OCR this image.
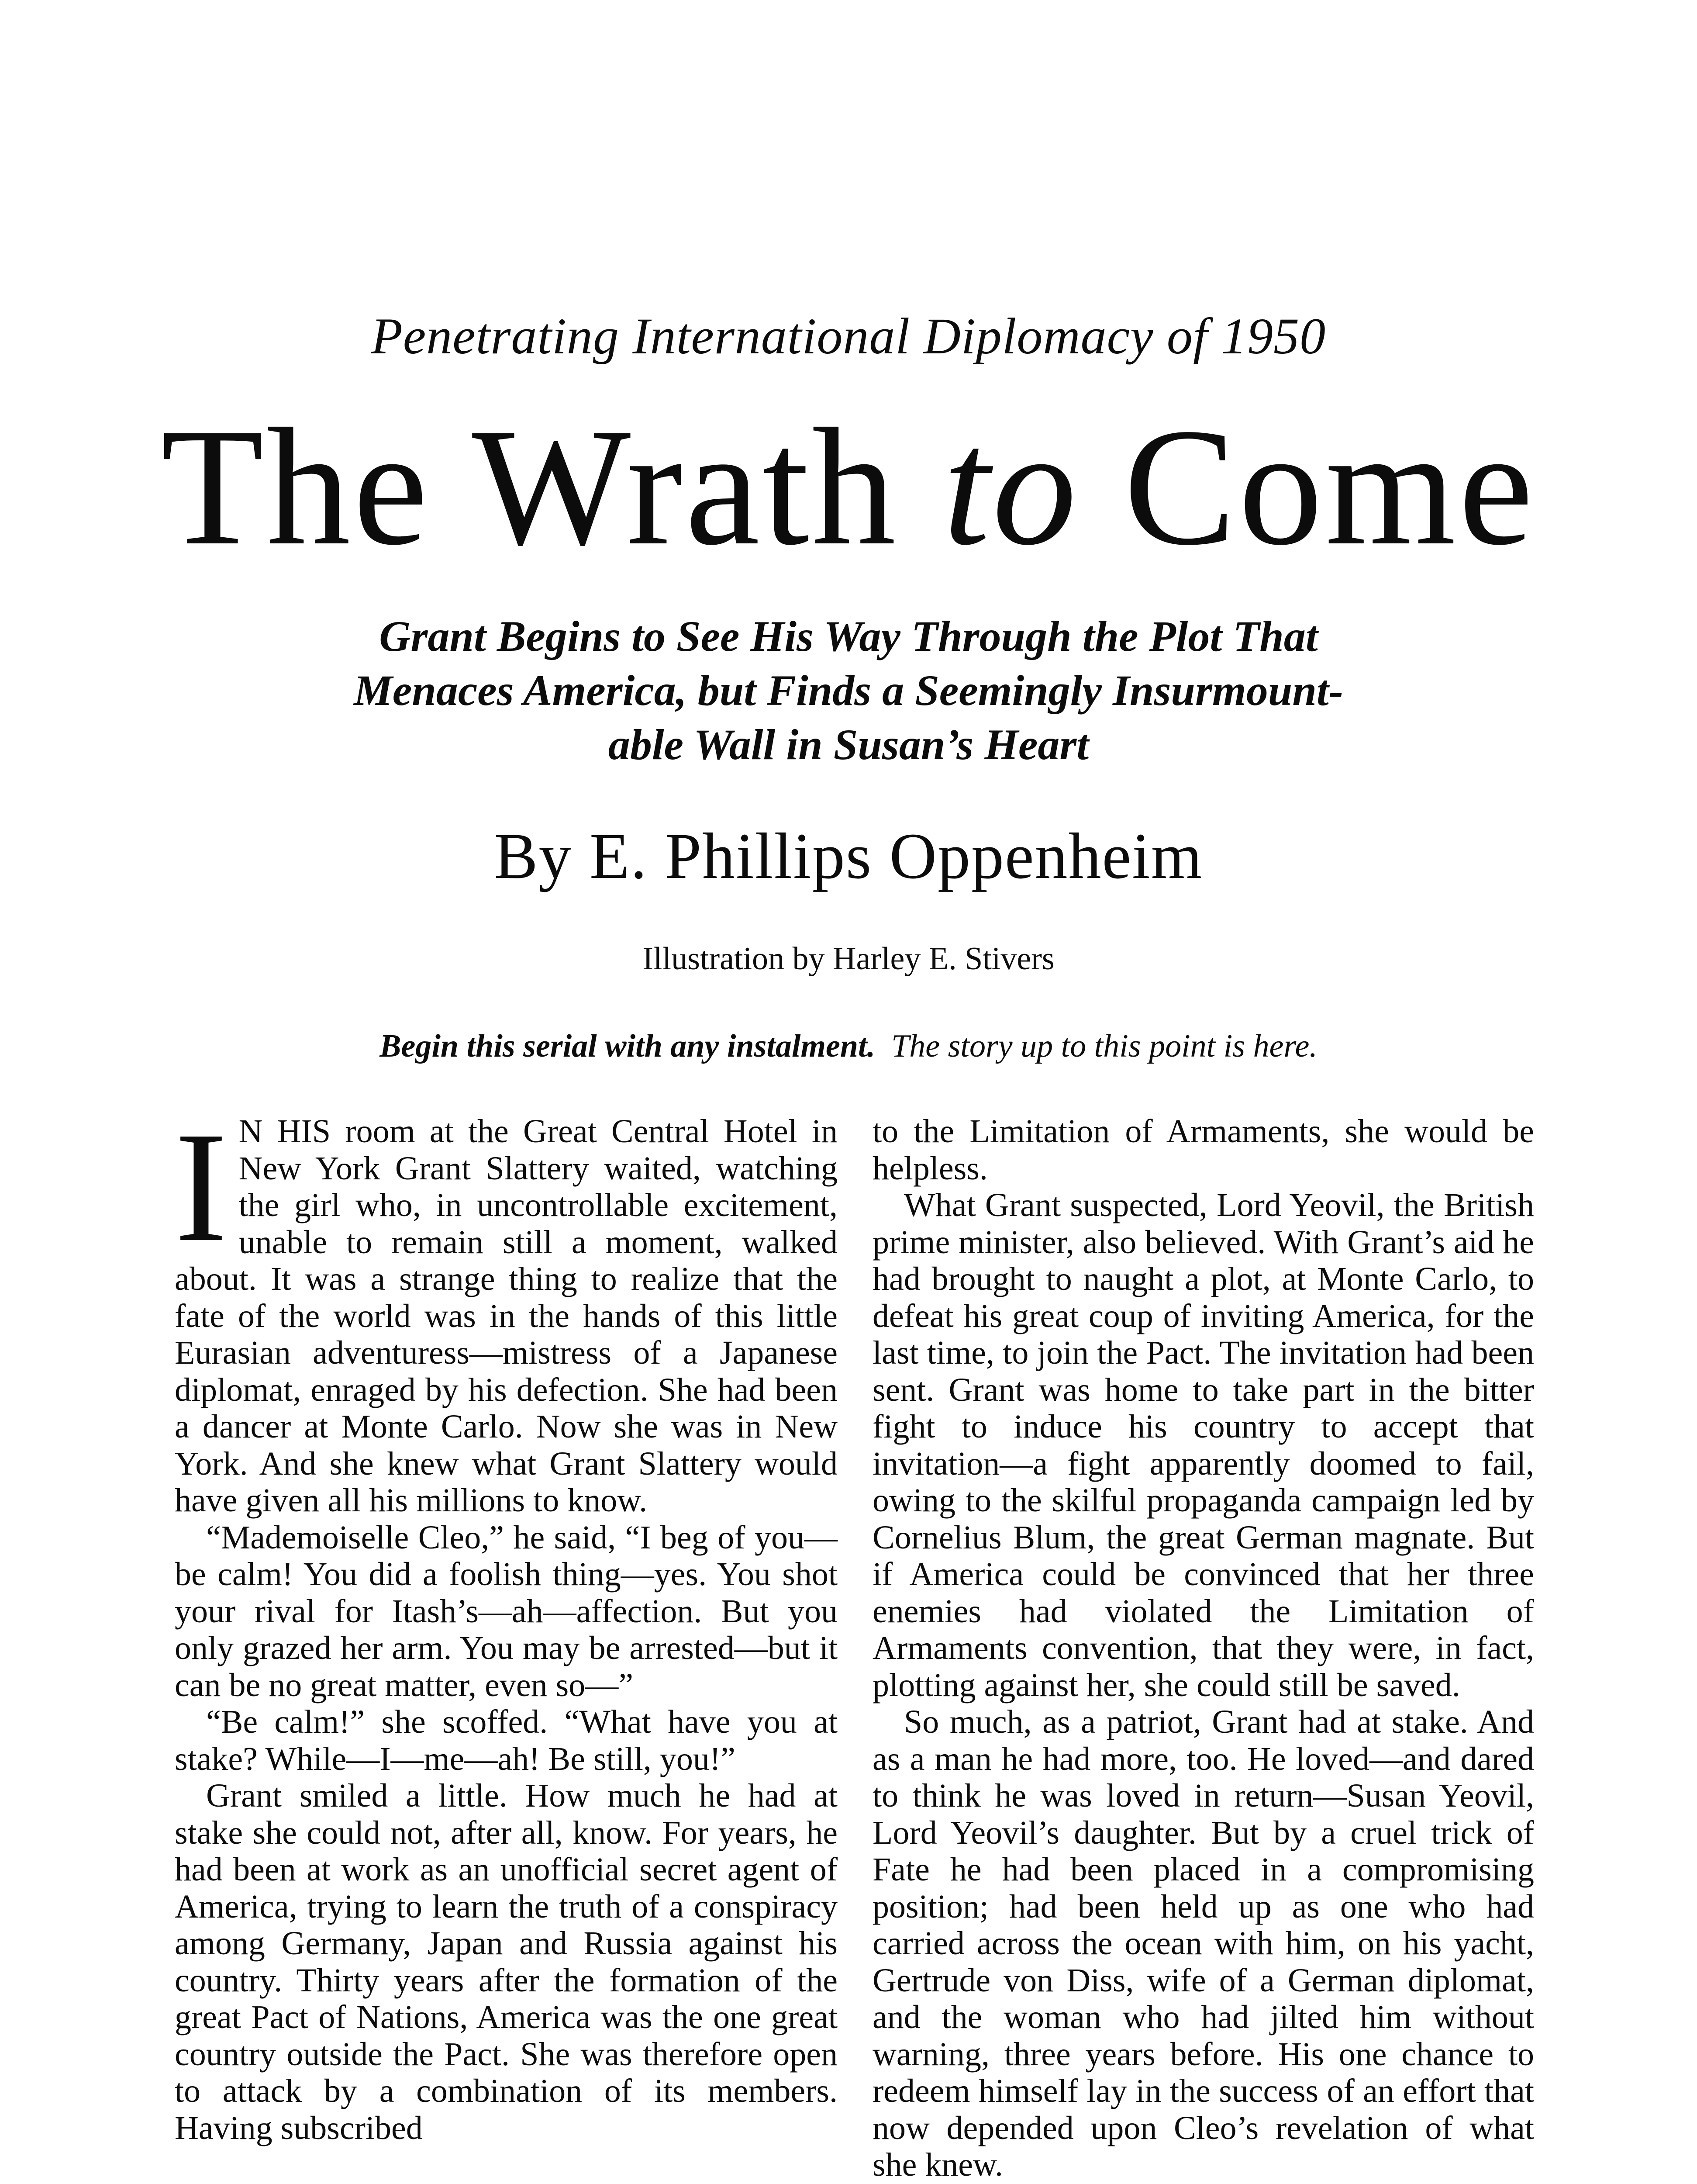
Penetrating International Diplomacy of 1950
The Wrath to Come
Grant Begins to See His Way Through the Plot That
Menaces America, but Finds a Seemingly Insurmount-
able Wall in Susan’s Heart
By E. Phillips Oppenheim
Illustration by Harley E. Stivers
Begin this serial with any instalment. The story up to this point is here.

I N HIS room at the Great Central Hotel in New York Grant Slattery waited, watching the girl who, in uncontrollable excitement, unable to remain still a moment, walked about. It was a strange thing to realize that the fate of the world was in the hands of this little Eurasian adventuress—mistress of a Japanese diplomat, enraged by his defection. She had been a dancer at Monte Carlo. Now she was in New York. And she knew what Grant Slattery would have given all his millions to know.

“Mademoiselle Cleo,” he said, “I beg of you—be calm! You did a foolish thing—yes. You shot your rival for Itash’s—ah—affection. But you only grazed her arm. You may be arrested—but it can be no great matter, even so—”

“Be calm!” she scoffed. “What have you at stake? While—I—me—ah! Be still, you!”

Grant smiled a little. How much he had at stake she could not, after all, know. For years, he had been at work as an unofficial secret agent of America, trying to learn the truth of a conspiracy among Germany, Japan and Russia against his country. Thirty years after the formation of the great Pact of Nations, America was the one great country outside the Pact. She was therefore open to attack by a combination of its members. Having subscribed

to the Limitation of Armaments, she would be helpless.

What Grant suspected, Lord Yeovil, the British prime minister, also believed. With Grant’s aid he had brought to naught a plot, at Monte Carlo, to defeat his great coup of inviting America, for the last time, to join the Pact. The invitation had been sent. Grant was home to take part in the bitter fight to induce his country to accept that invitation—a fight apparently doomed to fail, owing to the skilful propaganda campaign led by Cornelius Blum, the great German magnate. But if America could be convinced that her three enemies had violated the Limitation of Armaments convention, that they were, in fact, plotting against her, she could still be saved.

So much, as a patriot, Grant had at stake. And as a man he had more, too. He loved—and dared to think he was loved in return—Susan Yeovil, Lord Yeovil’s daughter. But by a cruel trick of Fate he had been placed in a compromising position; had been held up as one who had carried across the ocean with him, on his yacht, Gertrude von Diss, wife of a German diplomat, and the woman who had jilted him without warning, three years before. His one chance to redeem himself lay in the success of an effort that now depended upon Cleo’s revelation of what she knew.
